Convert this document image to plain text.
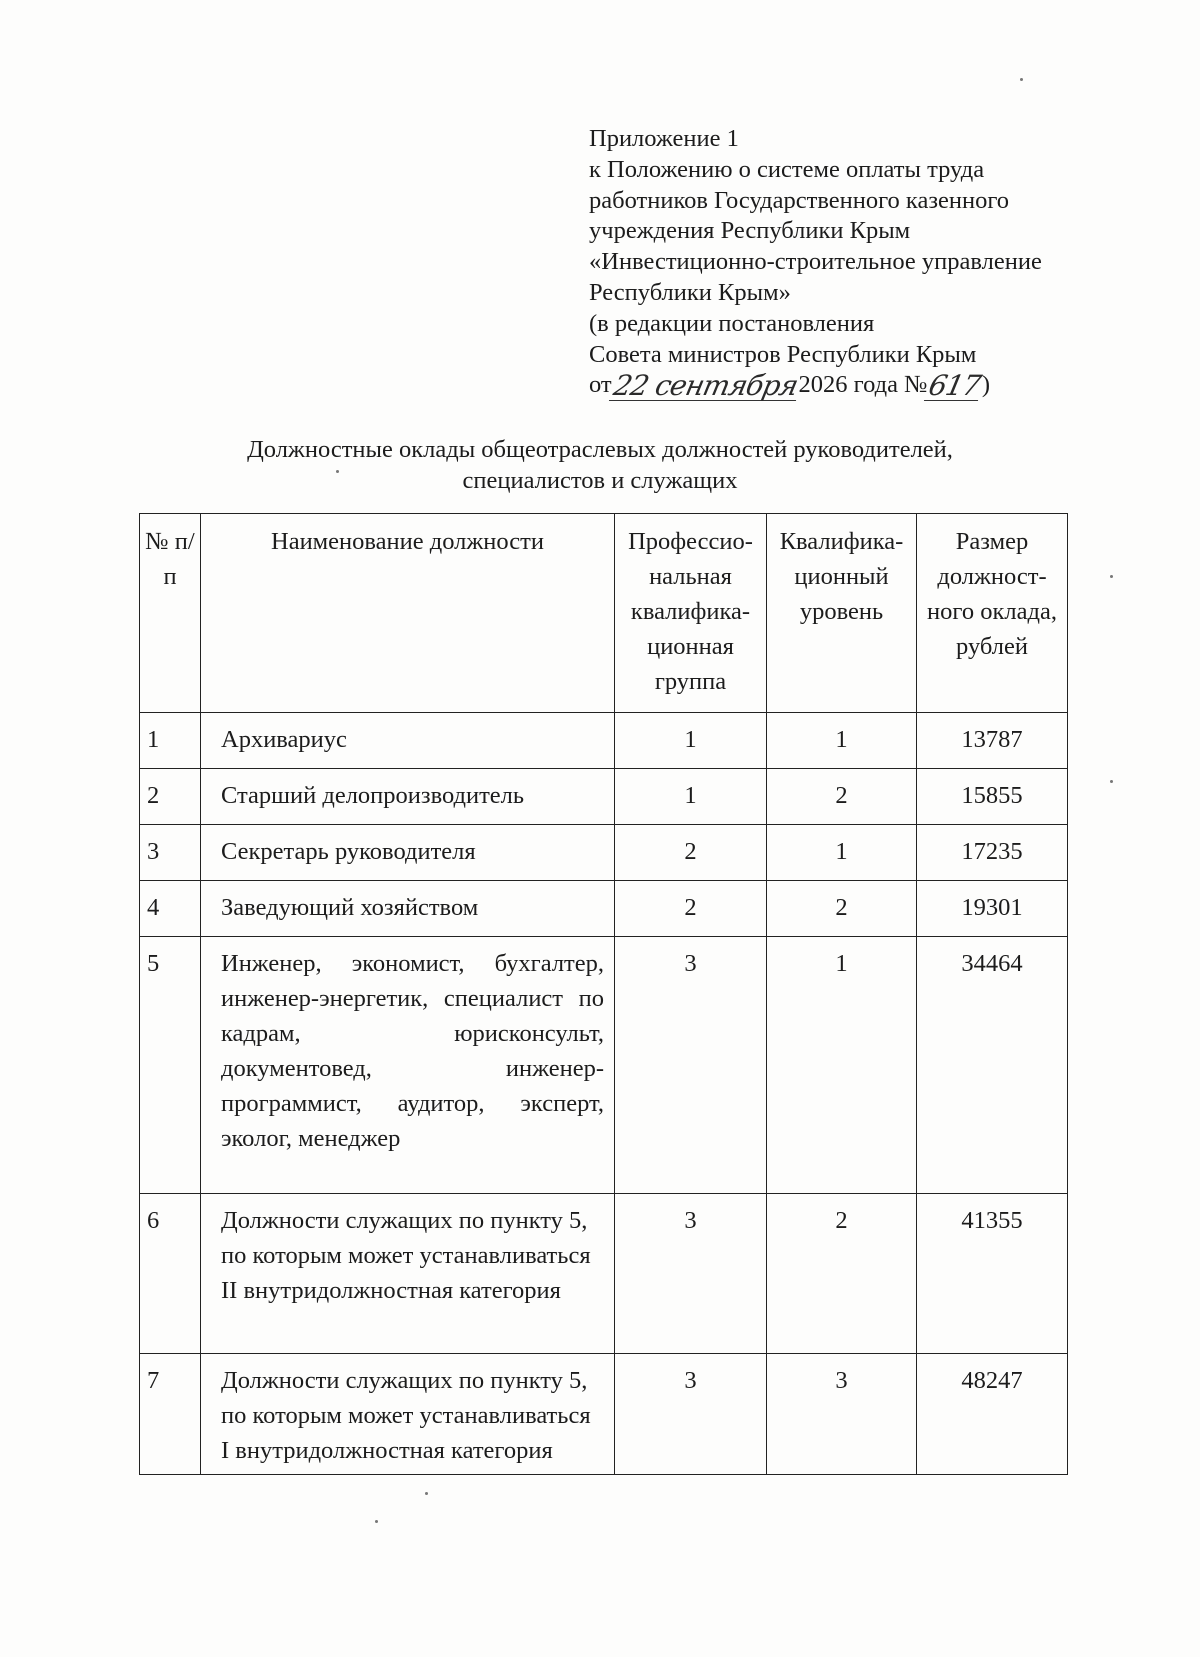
Приложение 1
к Положению о системе оплаты труда
работников Государственного казенного
учреждения Республики Крым
«Инвестиционно-строительное управление
Республики Крым»
(в редакции постановления
Совета министров Республики Крым
от
22 сентября
2026 года №
617
)
Должностные оклады общеотраслевых должностей руководителей,
специалистов и служащих
№ п/п	Наименование должности	Профессио-нальная квалифика-ционная группа	Квалифика-ционный уровень	Размер должност-ного оклада, рублей
1	Архивариус	1	1	13787
2	Старший делопроизводитель	1	2	15855
3	Секретарь руководителя	2	1	17235
4	Заведующий хозяйством	2	2	19301
5	Инженер, экономист, бухгалтер, инженер-энергетик, специалист по кадрам, юрисконсульт, документовед, инженер-программист, аудитор, эксперт, эколог, менеджер	3	1	34464
6	Должности служащих по пункту 5, по которым может устанавливаться II внутридолжностная категория	3	2	41355
7	Должности служащих по пункту 5, по которым может устанавливаться I внутридолжностная категория	3	3	48247
